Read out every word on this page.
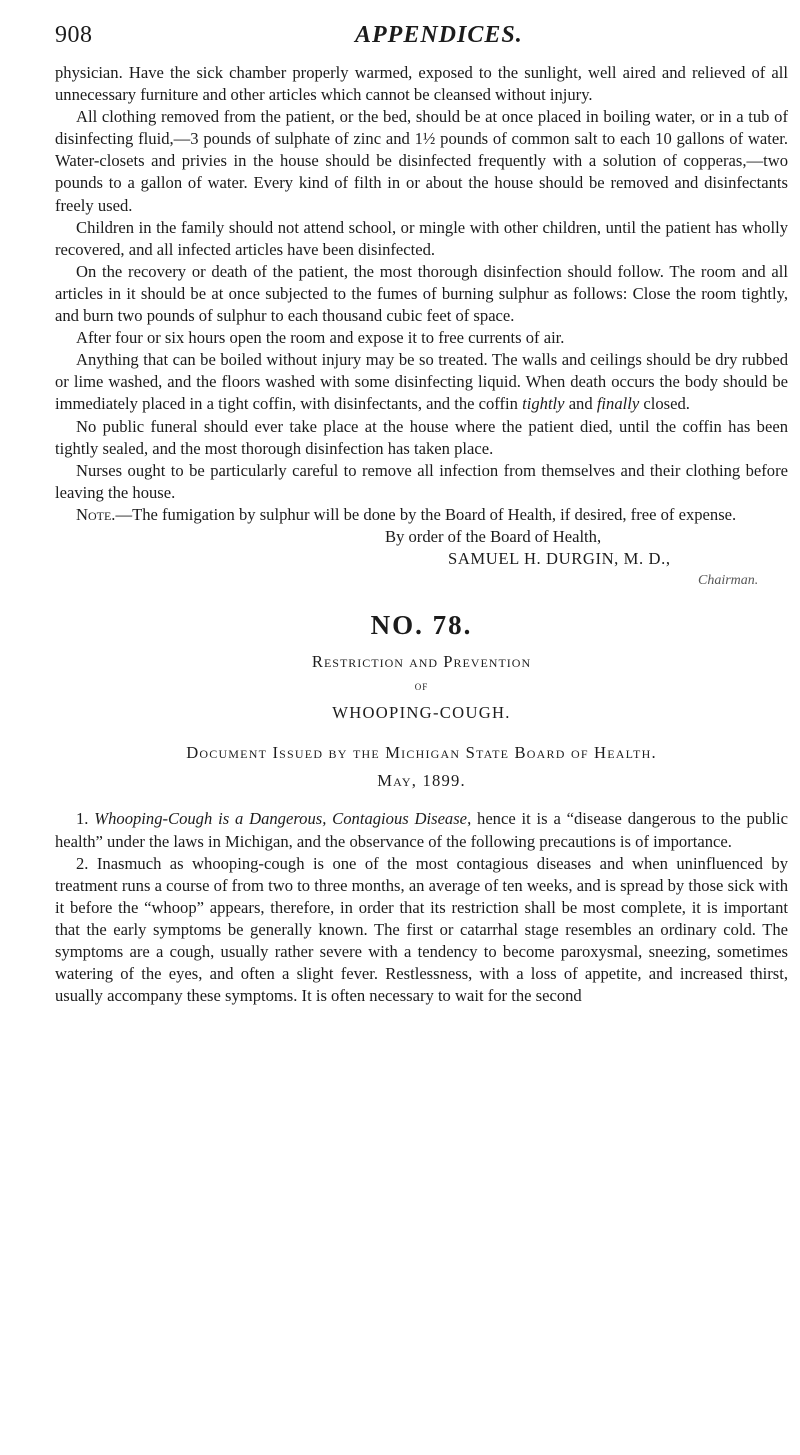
908	APPENDICES.

physician. Have the sick chamber properly warmed, exposed to the sunlight, well aired and relieved of all unnecessary furniture and other articles which cannot be cleansed without injury.

All clothing removed from the patient, or the bed, should be at once placed in boiling water, or in a tub of disinfecting fluid,—3 pounds of sulphate of zinc and 1½ pounds of common salt to each 10 gallons of water. Water-closets and privies in the house should be disinfected frequently with a solution of copperas,—two pounds to a gallon of water. Every kind of filth in or about the house should be removed and disinfectants freely used.

Children in the family should not attend school, or mingle with other children, until the patient has wholly recovered, and all infected articles have been disinfected.

On the recovery or death of the patient, the most thorough disinfection should follow. The room and all articles in it should be at once subjected to the fumes of burning sulphur as follows: Close the room tightly, and burn two pounds of sulphur to each thousand cubic feet of space.

After four or six hours open the room and expose it to free currents of air.

Anything that can be boiled without injury may be so treated. The walls and ceilings should be dry rubbed or lime washed, and the floors washed with some disinfecting liquid. When death occurs the body should be immediately placed in a tight coffin, with disinfectants, and the coffin tightly and finally closed.

No public funeral should ever take place at the house where the patient died, until the coffin has been tightly sealed, and the most thorough disinfection has taken place.

Nurses ought to be particularly careful to remove all infection from themselves and their clothing before leaving the house.

Note.—The fumigation by sulphur will be done by the Board of Health, if desired, free of expense.

By order of the Board of Health,

SAMUEL H. DURGIN, M. D.,

Chairman.

NO. 78.

Restriction and Prevention

of

WHOOPING-COUGH.

Document Issued by the Michigan State Board of Health.

May, 1899.

1. Whooping-Cough is a Dangerous, Contagious Disease, hence it is a “disease dangerous to the public health” under the laws in Michigan, and the observance of the following precautions is of importance.

2. Inasmuch as whooping-cough is one of the most contagious diseases and when uninfluenced by treatment runs a course of from two to three months, an average of ten weeks, and is spread by those sick with it before the “whoop” appears, therefore, in order that its restriction shall be most complete, it is important that the early symptoms be generally known. The first or catarrhal stage resembles an ordinary cold. The symptoms are a cough, usually rather severe with a tendency to become paroxysmal, sneezing, sometimes watering of the eyes, and often a slight fever. Restlessness, with a loss of appetite, and increased thirst, usually accompany these symptoms. It is often necessary to wait for the second
